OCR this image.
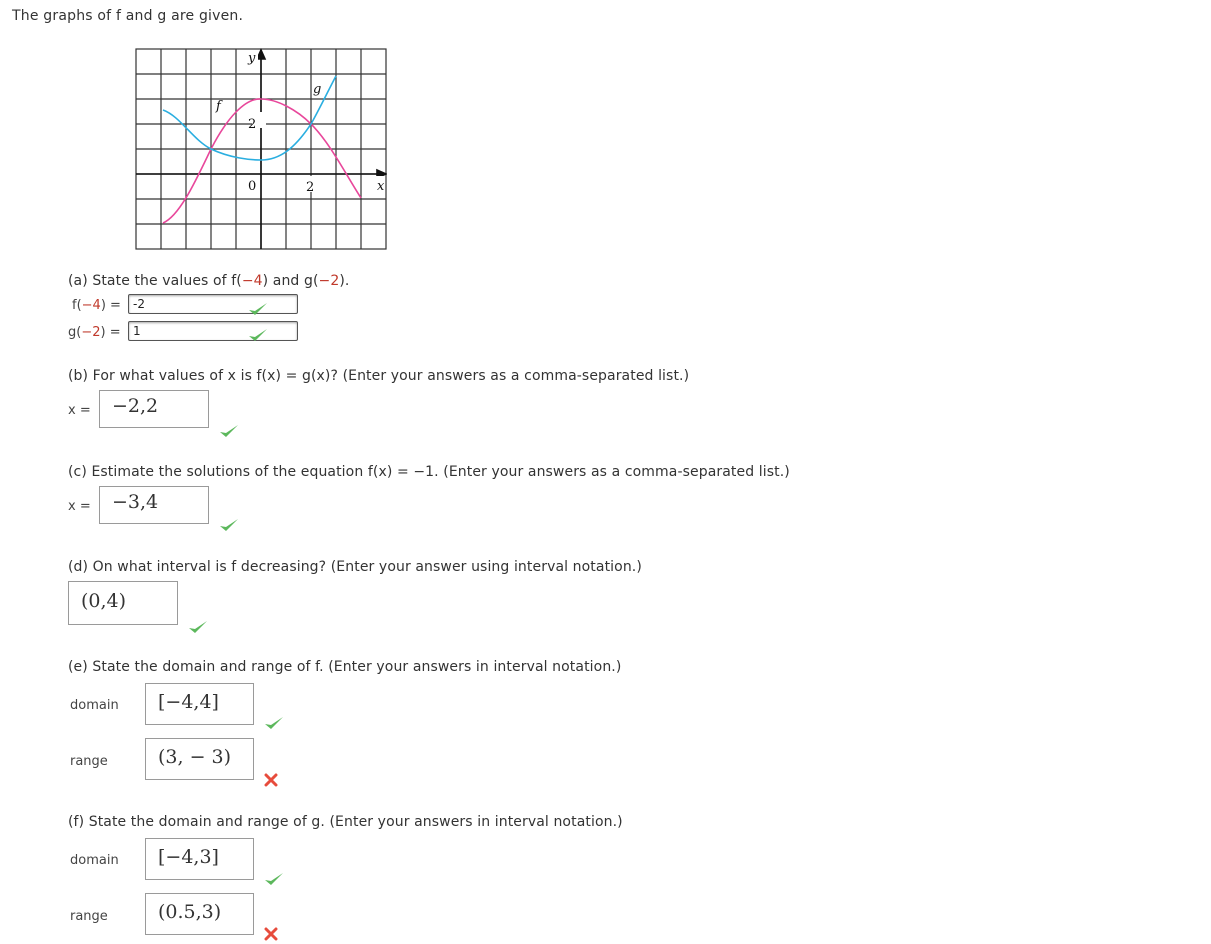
The graphs of f and g are given.
y
x
f
g
2
0	2
(a) State the values of f(−4) and g(−2).
f(−4) =	-2
g(−2) =	1
(b) For what values of x is f(x) = g(x)? (Enter your answers as a comma-separated list.)
x =	−2,2
(c) Estimate the solutions of the equation f(x) = −1. (Enter your answers as a comma-separated list.)
x =	−3,4
(d) On what interval is f decreasing? (Enter your answer using interval notation.)
(0,4)
(e) State the domain and range of f. (Enter your answers in interval notation.)
domain	[−4,4]
range	(3, − 3)
(f) State the domain and range of g. (Enter your answers in interval notation.)
domain	[−4,3]
range	(0.5,3)
